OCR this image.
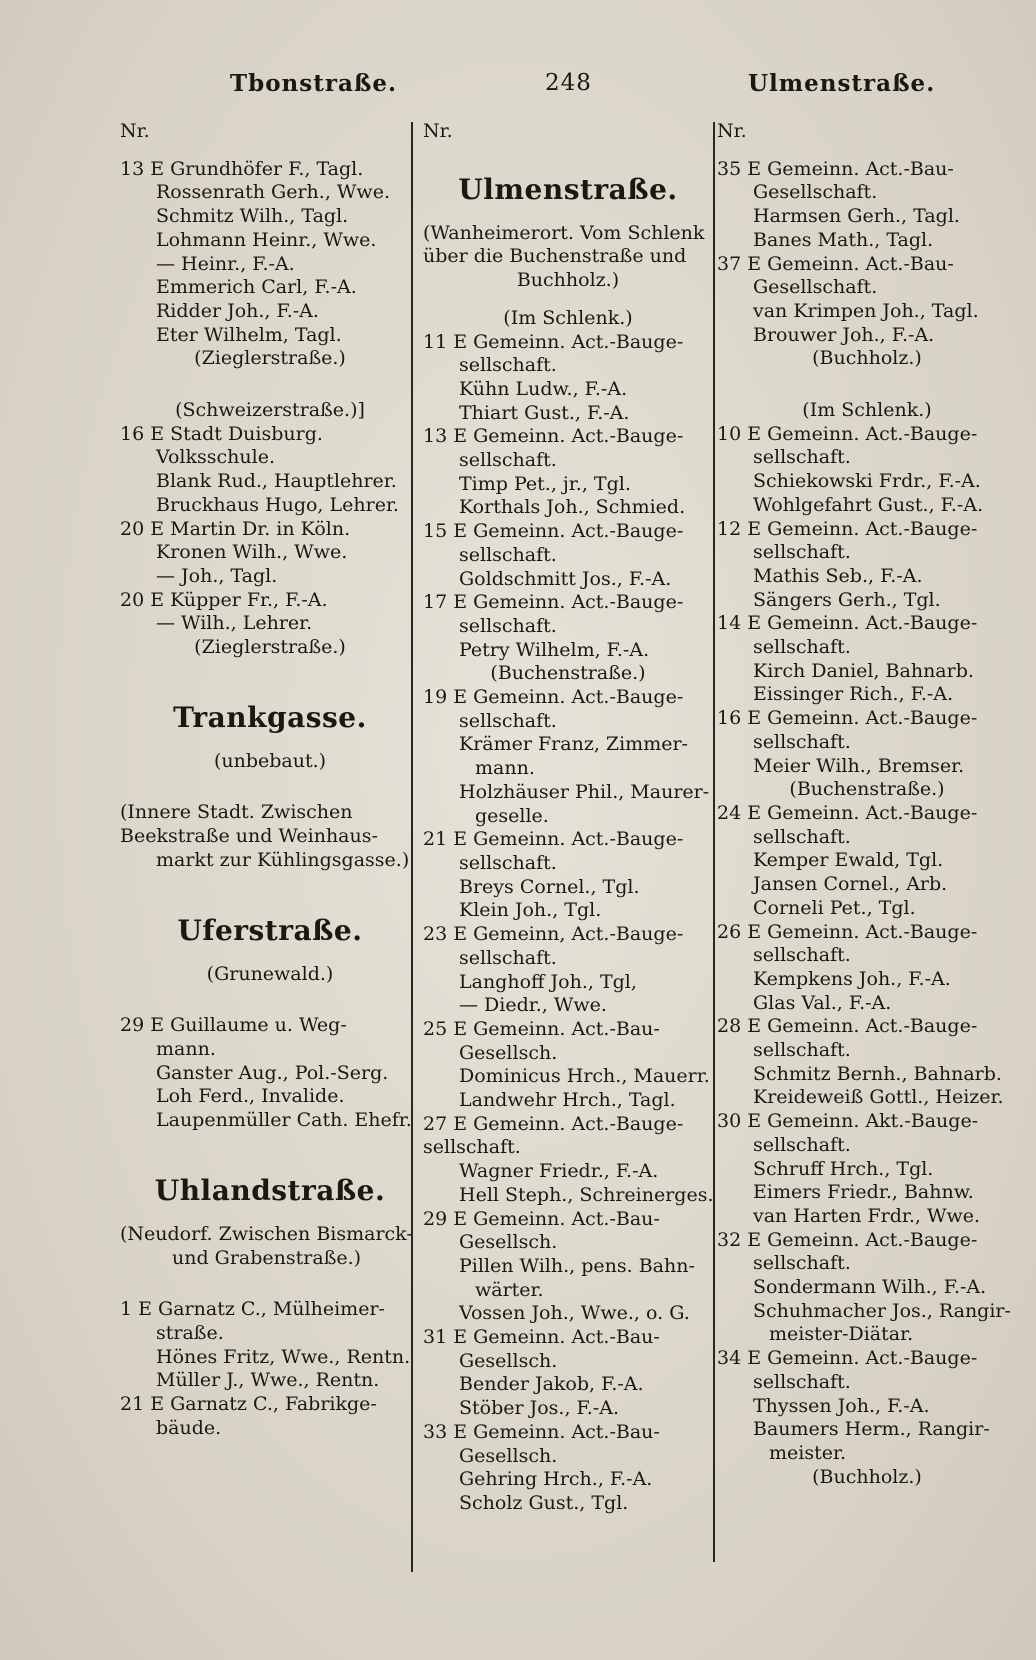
Tbonstraße.	248	Ulmenstraße.
Nr.
13 E Grundhöfer F., Tagl.
Rossenrath Gerh., Wwe.
Schmitz Wilh., Tagl.
Lohmann Heinr., Wwe.
— Heinr., F.-A.
Emmerich Carl, F.-A.
Ridder Joh., F.-A.
Eter Wilhelm, Tagl.
(Zieglerstraße.)
(Schweizerstraße.)]
16 E Stadt Duisburg.
Volksschule.
Blank Rud., Hauptlehrer.
Bruckhaus Hugo, Lehrer.
20 E Martin Dr. in Köln.
Kronen Wilh., Wwe.
— Joh., Tagl.
20 E Küpper Fr., F.-A.
— Wilh., Lehrer.
(Zieglerstraße.)
Trankgasse.
(unbebaut.)
(Innere Stadt. Zwischen
Beekstraße und Weinhaus-
markt zur Kühlingsgasse.)
Uferstraße.
(Grunewald.)
29 E Guillaume u. Weg-
mann.
Ganster Aug., Pol.-Serg.
Loh Ferd., Invalide.
Laupenmüller Cath. Ehefr.
Uhlandstraße.
(Neudorf. Zwischen Bismarck-
und Grabenstraße.)
1 E Garnatz C., Mülheimer-
straße.
Hönes Fritz, Wwe., Rentn.
Müller J., Wwe., Rentn.
21 E Garnatz C., Fabrikge-
bäude.
Nr.
Ulmenstraße.
(Wanheimerort. Vom Schlenk
über die Buchenstraße und
Buchholz.)
(Im Schlenk.)
11 E Gemeinn. Act.-Bauge-
sellschaft.
Kühn Ludw., F.-A.
Thiart Gust., F.-A.
13 E Gemeinn. Act.-Bauge-
sellschaft.
Timp Pet., jr., Tgl.
Korthals Joh., Schmied.
15 E Gemeinn. Act.-Bauge-
sellschaft.
Goldschmitt Jos., F.-A.
17 E Gemeinn. Act.-Bauge-
sellschaft.
Petry Wilhelm, F.-A.
(Buchenstraße.)
19 E Gemeinn. Act.-Bauge-
sellschaft.
Krämer Franz, Zimmer-
mann.
Holzhäuser Phil., Maurer-
geselle.
21 E Gemeinn. Act.-Bauge-
sellschaft.
Breys Cornel., Tgl.
Klein Joh., Tgl.
23 E Gemeinn, Act.-Bauge-
sellschaft.
Langhoff Joh., Tgl,
— Diedr., Wwe.
25 E Gemeinn. Act.-Bau-
Gesellsch.
Dominicus Hrch., Mauerr.
Landwehr Hrch., Tagl.
27 E Gemeinn. Act.-Bauge-
sellschaft.
Wagner Friedr., F.-A.
Hell Steph., Schreinerges.
29 E Gemeinn. Act.-Bau-
Gesellsch.
Pillen Wilh., pens. Bahn-
wärter.
Vossen Joh., Wwe., o. G.
31 E Gemeinn. Act.-Bau-
Gesellsch.
Bender Jakob, F.-A.
Stöber Jos., F.-A.
33 E Gemeinn. Act.-Bau-
Gesellsch.
Gehring Hrch., F.-A.
Scholz Gust., Tgl.
Nr.
35 E Gemeinn. Act.-Bau-
Gesellschaft.
Harmsen Gerh., Tagl.
Banes Math., Tagl.
37 E Gemeinn. Act.-Bau-
Gesellschaft.
van Krimpen Joh., Tagl.
Brouwer Joh., F.-A.
(Buchholz.)
(Im Schlenk.)
10 E Gemeinn. Act.-Bauge-
sellschaft.
Schiekowski Frdr., F.-A.
Wohlgefahrt Gust., F.-A.
12 E Gemeinn. Act.-Bauge-
sellschaft.
Mathis Seb., F.-A.
Sängers Gerh., Tgl.
14 E Gemeinn. Act.-Bauge-
sellschaft.
Kirch Daniel, Bahnarb.
Eissinger Rich., F.-A.
16 E Gemeinn. Act.-Bauge-
sellschaft.
Meier Wilh., Bremser.
(Buchenstraße.)
24 E Gemeinn. Act.-Bauge-
sellschaft.
Kemper Ewald, Tgl.
Jansen Cornel., Arb.
Corneli Pet., Tgl.
26 E Gemeinn. Act.-Bauge-
sellschaft.
Kempkens Joh., F.-A.
Glas Val., F.-A.
28 E Gemeinn. Act.-Bauge-
sellschaft.
Schmitz Bernh., Bahnarb.
Kreideweiß Gottl., Heizer.
30 E Gemeinn. Akt.-Bauge-
sellschaft.
Schruff Hrch., Tgl.
Eimers Friedr., Bahnw.
van Harten Frdr., Wwe.
32 E Gemeinn. Act.-Bauge-
sellschaft.
Sondermann Wilh., F.-A.
Schuhmacher Jos., Rangir-
meister-Diätar.
34 E Gemeinn. Act.-Bauge-
sellschaft.
Thyssen Joh., F.-A.
Baumers Herm., Rangir-
meister.
(Buchholz.)
